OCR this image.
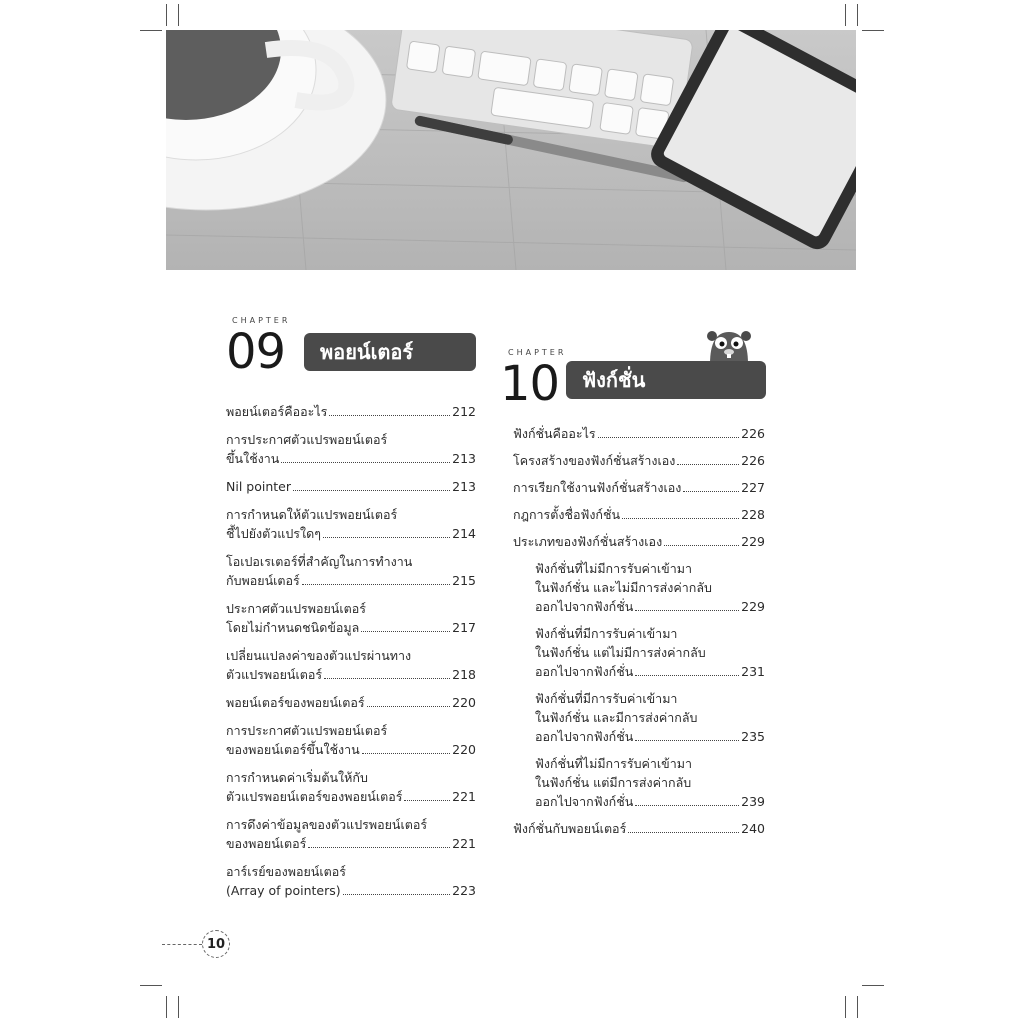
CHAPTER
09	พอยน์เตอร์	CHAPTER
10	ฟังก์ชั่น
พอยน์เตอร์คืออะไร	212
การประกาศตัวแปรพอยน์เตอร์
ขึ้นใช้งาน	213
Nil pointer	213
การกำหนดให้ตัวแปรพอยน์เตอร์
ชี้ไปยังตัวแปรใดๆ	214
โอเปอเรเตอร์ที่สำคัญในการทำงาน
กับพอยน์เตอร์	215
ประกาศตัวแปรพอยน์เตอร์
โดยไม่กำหนดชนิดข้อมูล	217
เปลี่ยนแปลงค่าของตัวแปรผ่านทาง
ตัวแปรพอยน์เตอร์	218
พอยน์เตอร์ของพอยน์เตอร์	220
การประกาศตัวแปรพอยน์เตอร์
ของพอยน์เตอร์ขึ้นใช้งาน	220
การกำหนดค่าเริ่มต้นให้กับ
ตัวแปรพอยน์เตอร์ของพอยน์เตอร์	221
การดึงค่าข้อมูลของตัวแปรพอยน์เตอร์
ของพอยน์เตอร์	221
อาร์เรย์ของพอยน์เตอร์
(Array of pointers)	223
ฟังก์ชั่นคืออะไร	226
โครงสร้างของฟังก์ชั่นสร้างเอง	226
การเรียกใช้งานฟังก์ชั่นสร้างเอง	227
กฎการตั้งชื่อฟังก์ชั่น	228
ประเภทของฟังก์ชั่นสร้างเอง	229
ฟังก์ชั่นที่ไม่มีการรับค่าเข้ามา
ในฟังก์ชั่น และไม่มีการส่งค่ากลับ
ออกไปจากฟังก์ชั่น	229
ฟังก์ชั่นที่มีการรับค่าเข้ามา
ในฟังก์ชั่น แต่ไม่มีการส่งค่ากลับ
ออกไปจากฟังก์ชั่น	231
ฟังก์ชั่นที่มีการรับค่าเข้ามา
ในฟังก์ชั่น และมีการส่งค่ากลับ
ออกไปจากฟังก์ชั่น	235
ฟังก์ชั่นที่ไม่มีการรับค่าเข้ามา
ในฟังก์ชั่น แต่มีการส่งค่ากลับ
ออกไปจากฟังก์ชั่น	239
ฟังก์ชั่นกับพอยน์เตอร์	240
10
